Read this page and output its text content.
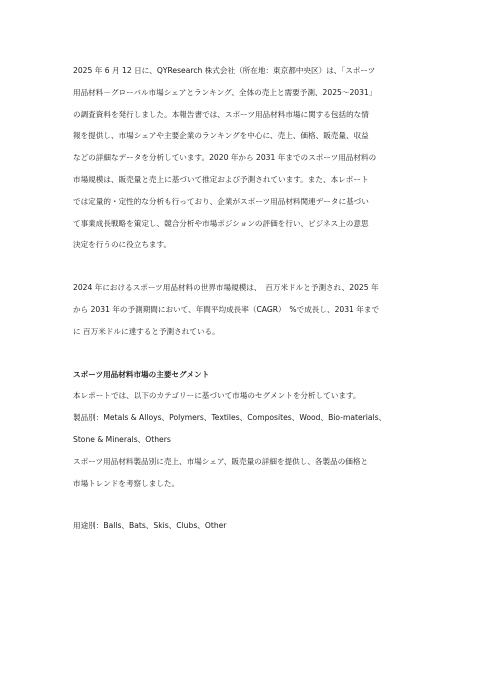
2025 年 6 月 12 日に、QYResearch 株式会社（所在地：東京都中央区）は、「スポーツ
用品材料－グローバル市場シェアとランキング、全体の売上と需要予測、2025～2031」
の調査資料を発行しました。本報告書では、スポーツ用品材料市場に関する包括的な情
報を提供し、市場シェアや主要企業のランキングを中心に、売上、価格、販売量、収益
などの詳細なデータを分析しています。2020 年から 2031 年までのスポーツ用品材料の
市場規模は、販売量と売上に基づいて推定および予測されています。また、本レポート
では定量的・定性的な分析も行っており、企業がスポーツ用品材料関連データに基づい
て事業成長戦略を策定し、競合分析や市場ポジションの評価を行い、ビジネス上の意思
決定を行うのに役立ちます。
2024 年におけるスポーツ用品材料の世界市場規模は、　百万米ドルと予測され、2025 年
から 2031 年の予測期間において、年間平均成長率（CAGR）　%で成長し、2031 年まで
に 百万米ドルに達すると予測されている。
スポーツ用品材料市場の主要セグメント
本レポートでは、以下のカテゴリーに基づいて市場のセグメントを分析しています。
製品別：Metals & Alloys、Polymers、Textiles、Composites、Wood、Bio-materials、
Stone & Minerals、Others
スポーツ用品材料製品別に売上、市場シェア、販売量の詳細を提供し、各製品の価格と
市場トレンドを考察しました。
用途別：Balls、Bats、Skis、Clubs、Other
